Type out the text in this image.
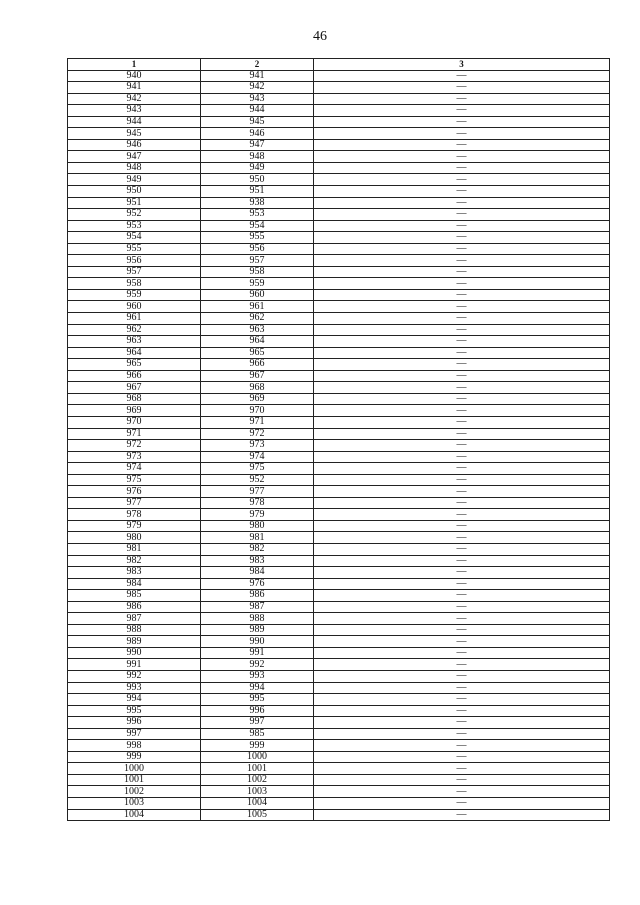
46
1	2	3
940	941	—
941	942	—
942	943	—
943	944	—
944	945	—
945	946	—
946	947	—
947	948	—
948	949	—
949	950	—
950	951	—
951	938	—
952	953	—
953	954	—
954	955	—
955	956	—
956	957	—
957	958	—
958	959	—
959	960	—
960	961	—
961	962	—
962	963	—
963	964	—
964	965	—
965	966	—
966	967	—
967	968	—
968	969	—
969	970	—
970	971	—
971	972	—
972	973	—
973	974	—
974	975	—
975	952	—
976	977	—
977	978	—
978	979	—
979	980	—
980	981	—
981	982	—
982	983	—
983	984	—
984	976	—
985	986	—
986	987	—
987	988	—
988	989	—
989	990	—
990	991	—
991	992	—
992	993	—
993	994	—
994	995	—
995	996	—
996	997	—
997	985	—
998	999	—
999	1000	—
1000	1001	—
1001	1002	—
1002	1003	—
1003	1004	—
1004	1005	—
